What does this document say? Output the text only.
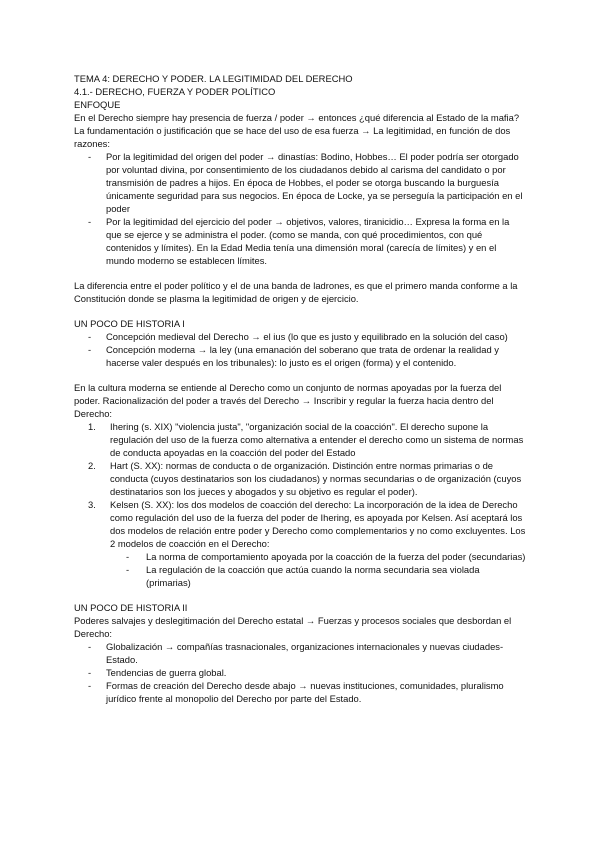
TEMA 4: DERECHO Y PODER. LA LEGITIMIDAD DEL DERECHO

4.1.- DERECHO, FUERZA Y PODER POLÍTICO

ENFOQUE

En el Derecho siempre hay presencia de fuerza / poder → entonces ¿qué diferencia al Estado de la mafia? La fundamentación o justificación que se hace del uso de esa fuerza → La legitimidad, en función de dos razones:

- Por la legitimidad del origen del poder → dinastías: Bodino, Hobbes… El poder podría ser otorgado por voluntad divina, por consentimiento de los ciudadanos debido al carisma del candidato o por transmisión de padres a hijos. En época de Hobbes, el poder se otorga buscando la burguesía únicamente seguridad para sus negocios. En época de Locke, ya se perseguía la participación en el poder

- Por la legitimidad del ejercicio del poder → objetivos, valores, tiranicidio… Expresa la forma en la que se ejerce y se administra el poder. (como se manda, con qué procedimientos, con qué contenidos y límites). En la Edad Media tenía una dimensión moral (carecía de límites) y en el mundo moderno se establecen límites.

La diferencia entre el poder político y el de una banda de ladrones, es que el primero manda conforme a la Constitución donde se plasma la legitimidad de origen y de ejercicio.

UN POCO DE HISTORIA I

- Concepción medieval del Derecho → el ius (lo que es justo y equilibrado en la solución del caso)

- Concepción moderna → la ley (una emanación del soberano que trata de ordenar la realidad y hacerse valer después en los tribunales): lo justo es el origen (forma) y el contenido.

En la cultura moderna se entiende al Derecho como un conjunto de normas apoyadas por la fuerza del poder. Racionalización del poder a través del Derecho → Inscribir y regular la fuerza hacia dentro del Derecho:

1. Ihering (s. XIX) "violencia justa", "organización social de la coacción". El derecho supone la regulación del uso de la fuerza como alternativa a entender el derecho como un sistema de normas de conducta apoyadas en la coacción del poder del Estado

2. Hart (S. XX): normas de conducta o de organización. Distinción entre normas primarias o de conducta (cuyos destinatarios son los ciudadanos) y normas secundarias o de organización (cuyos destinatarios son los jueces y abogados y su objetivo es regular el poder).

3. Kelsen (S. XX): los dos modelos de coacción del derecho: La incorporación de la idea de Derecho como regulación del uso de la fuerza del poder de Ihering, es apoyada por Kelsen. Así aceptará los dos modelos de relación entre poder y Derecho como complementarios y no como excluyentes. Los 2 modelos de coacción en el Derecho:

- La norma de comportamiento apoyada por la coacción de la fuerza del poder (secundarias)

- La regulación de la coacción que actúa cuando la norma secundaria sea violada (primarias)

UN POCO DE HISTORIA II

Poderes salvajes y deslegitimación del Derecho estatal → Fuerzas y procesos sociales que desbordan el Derecho:

- Globalización → compañías trasnacionales, organizaciones internacionales y nuevas ciudades-Estado.

- Tendencias de guerra global.

- Formas de creación del Derecho desde abajo → nuevas instituciones, comunidades, pluralismo jurídico frente al monopolio del Derecho por parte del Estado.
